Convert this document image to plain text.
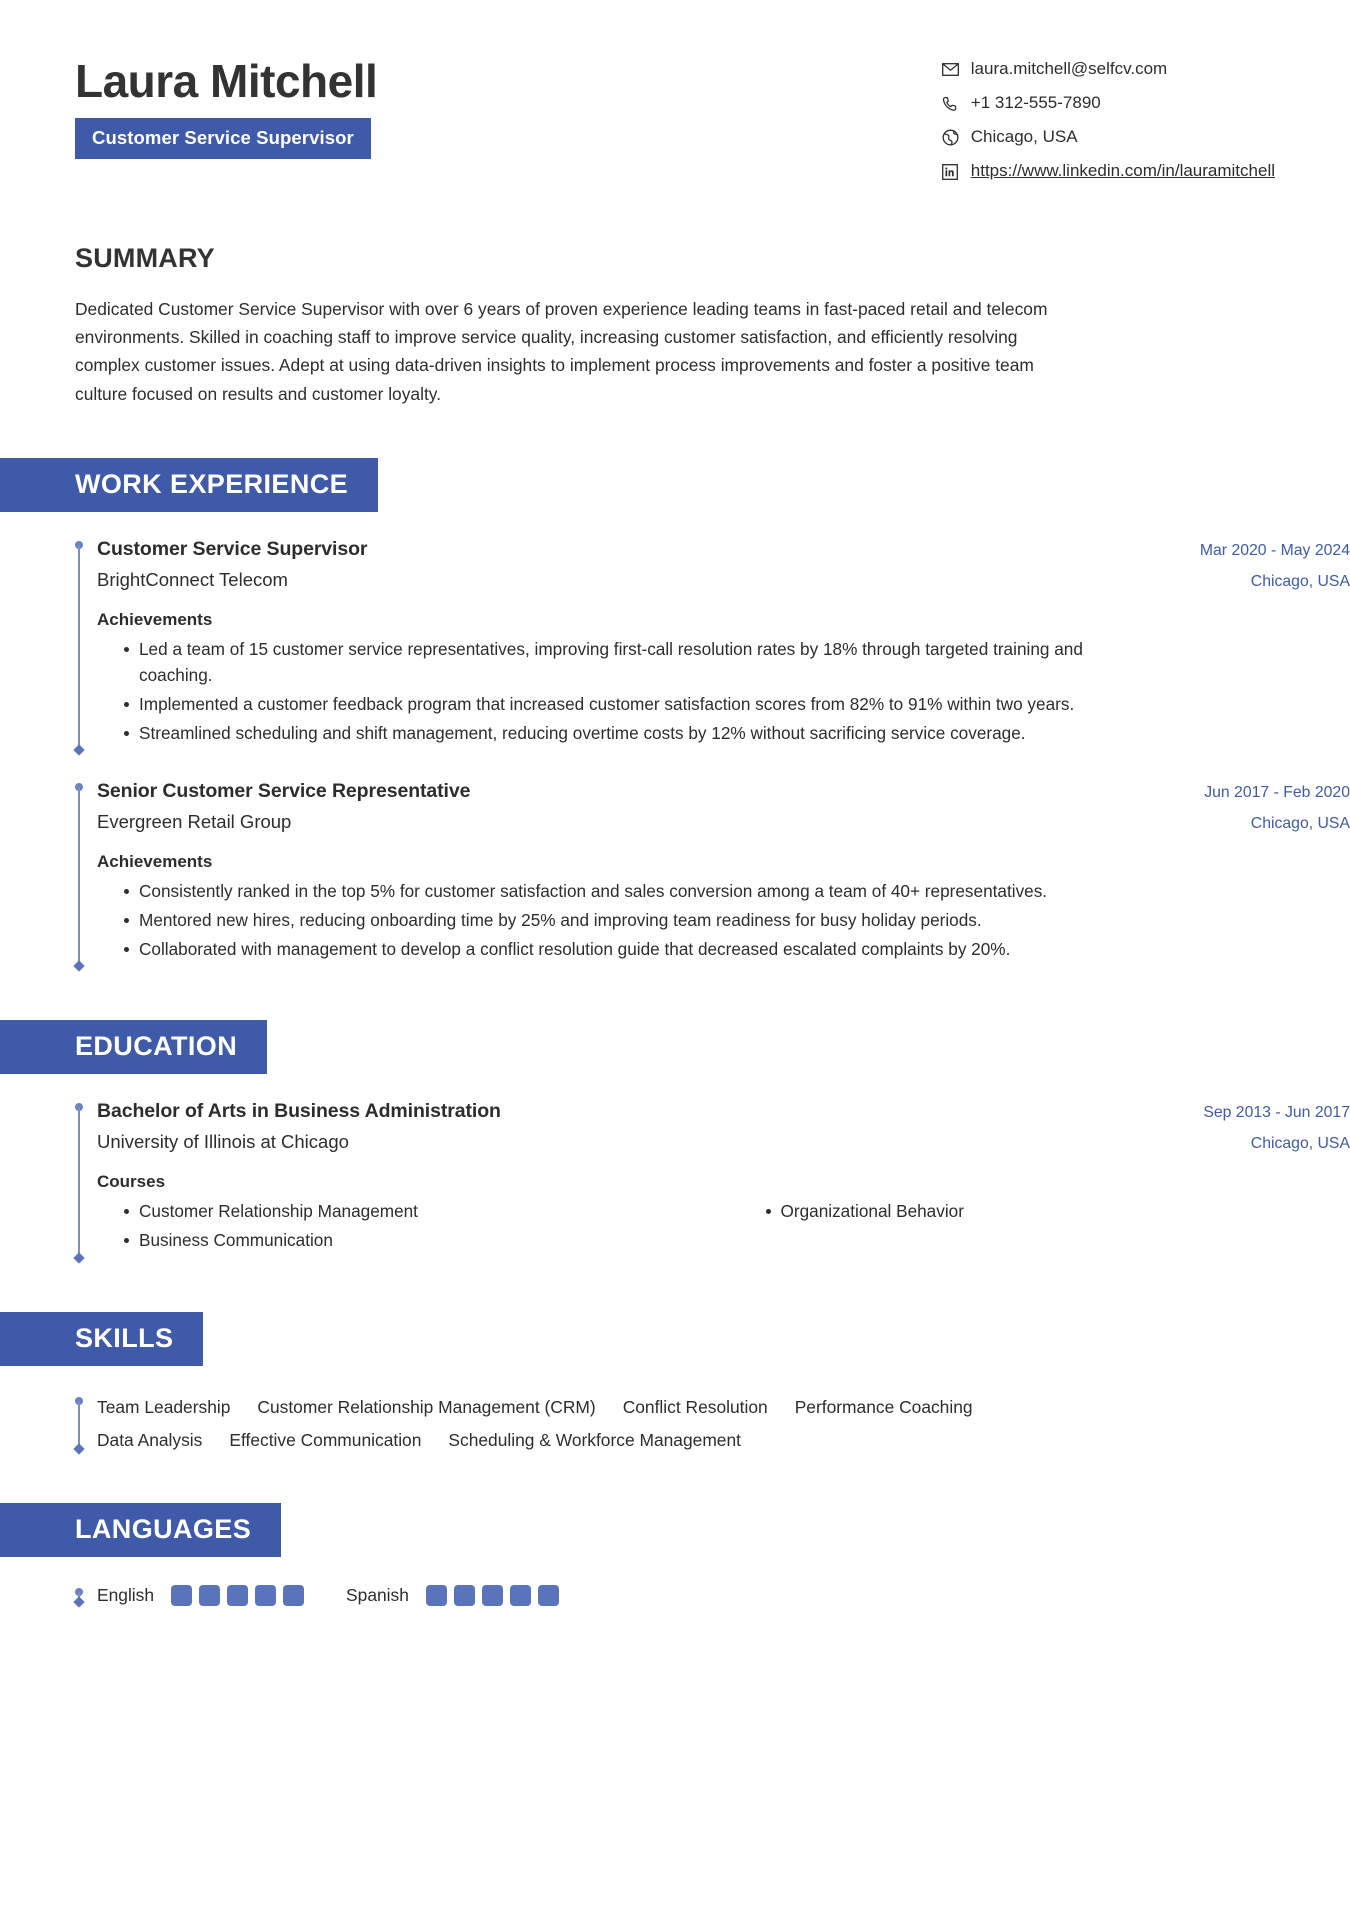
Laura Mitchell
Customer Service Supervisor
laura.mitchell@selfcv.com
+1 312-555-7890
Chicago, USA
https://www.linkedin.com/in/lauramitchell
SUMMARY
Dedicated Customer Service Supervisor with over 6 years of proven experience leading teams in fast-paced retail and telecom environments. Skilled in coaching staff to improve service quality, increasing customer satisfaction, and efficiently resolving complex customer issues. Adept at using data-driven insights to implement process improvements and foster a positive team culture focused on results and customer loyalty.
WORK EXPERIENCE
Customer Service Supervisor	Mar 2020 - May 2024
BrightConnect Telecom	Chicago, USA
Achievements
Led a team of 15 customer service representatives, improving first-call resolution rates by 18% through targeted training and coaching.
Implemented a customer feedback program that increased customer satisfaction scores from 82% to 91% within two years.
Streamlined scheduling and shift management, reducing overtime costs by 12% without sacrificing service coverage.
Senior Customer Service Representative	Jun 2017 - Feb 2020
Evergreen Retail Group	Chicago, USA
Achievements
Consistently ranked in the top 5% for customer satisfaction and sales conversion among a team of 40+ representatives.
Mentored new hires, reducing onboarding time by 25% and improving team readiness for busy holiday periods.
Collaborated with management to develop a conflict resolution guide that decreased escalated complaints by 20%.
EDUCATION
Bachelor of Arts in Business Administration	Sep 2013 - Jun 2017
University of Illinois at Chicago	Chicago, USA
Courses
Customer Relationship Management	Organizational Behavior
Business Communication
SKILLS
Team Leadership	Customer Relationship Management (CRM)	Conflict Resolution	Performance Coaching
Data Analysis	Effective Communication	Scheduling & Workforce Management
LANGUAGES
English	Spanish
